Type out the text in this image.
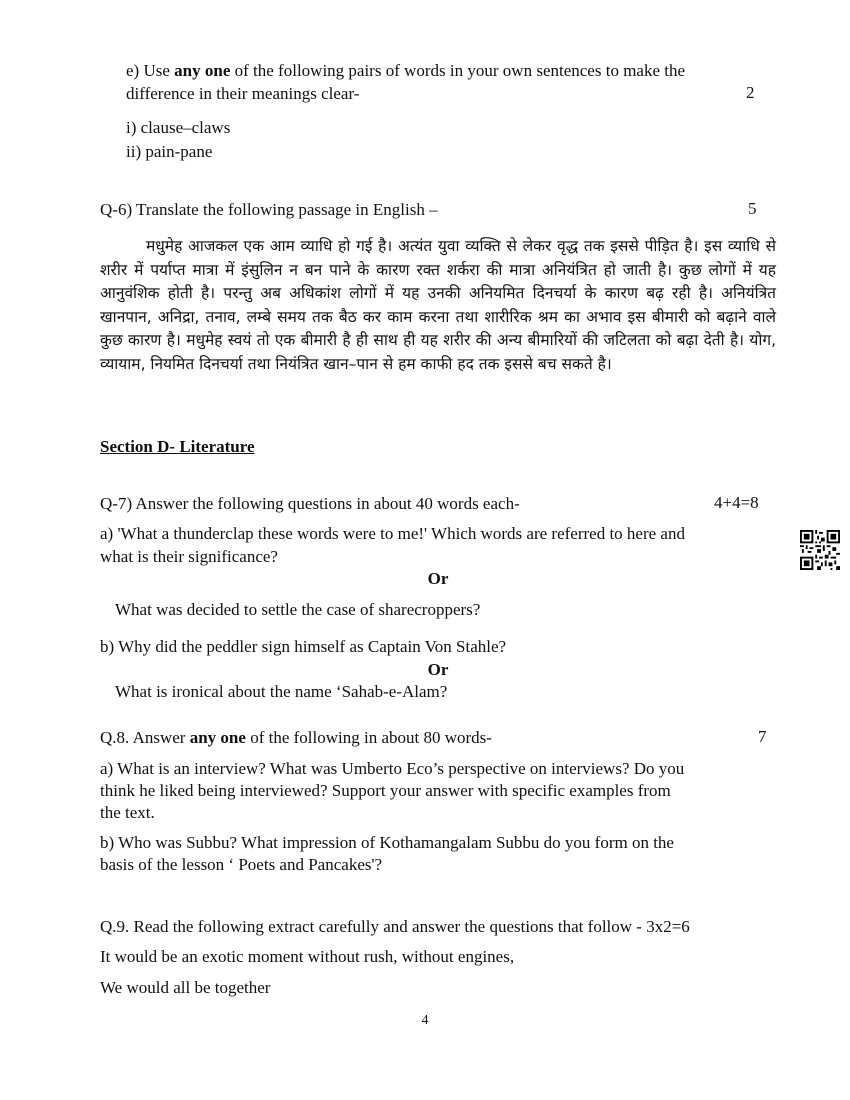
e) Use any one of the following pairs of words in your own sentences to make the
difference in their meanings clear-	2
i) clause–claws
ii) pain-pane
Q-6) Translate the following passage in English –	5
मधुमेह आजकल एक आम व्याधि हो गई है। अत्यंत युवा व्यक्ति से लेकर वृद्ध तक इससे पीड़ित है। इस व्याधि से शरीर में पर्याप्त मात्रा में इंसुलिन न बन पाने के कारण रक्त शर्करा की मात्रा अनियंत्रित हो जाती है। कुछ लोगों में यह आनुवंशिक होती है। परन्तु अब अधिकांश लोगों में यह उनकी अनियमित दिनचर्या के कारण बढ़ रही है। अनियंत्रित खानपान, अनिद्रा, तनाव, लम्बे समय तक बैठ कर काम करना तथा शारीरिक श्रम का अभाव इस बीमारी को बढ़ाने वाले कुछ कारण है। मधुमेह स्वयं तो एक बीमारी है ही साथ ही यह शरीर की अन्य बीमारियों की जटिलता को बढ़ा देती है। योग, व्यायाम, नियमित दिनचर्या तथा नियंत्रित खान–पान से हम काफी हद तक इससे बच सकते है।
Section D- Literature
Q-7) Answer the following questions in about 40 words each-	4+4=8
a) 'What a thunderclap these words were to me!' Which words are referred to here and
what is their significance?
Or
What was decided to settle the case of sharecroppers?
b) Why did the peddler sign himself as Captain Von Stahle?
Or
What is ironical about the name ‘Sahab-e-Alam?
Q.8. Answer any one of the following in about 80 words-	7
a) What is an interview? What was Umberto Eco’s perspective on interviews? Do you
think he liked being interviewed? Support your answer with specific examples from
the text.
b) Who was Subbu? What impression of Kothamangalam Subbu do you form on the
basis of the lesson ‘ Poets and Pancakes'?
Q.9. Read the following extract carefully and answer the questions that follow - 3x2=6
It would be an exotic moment without rush, without engines,
We would all be together
4
